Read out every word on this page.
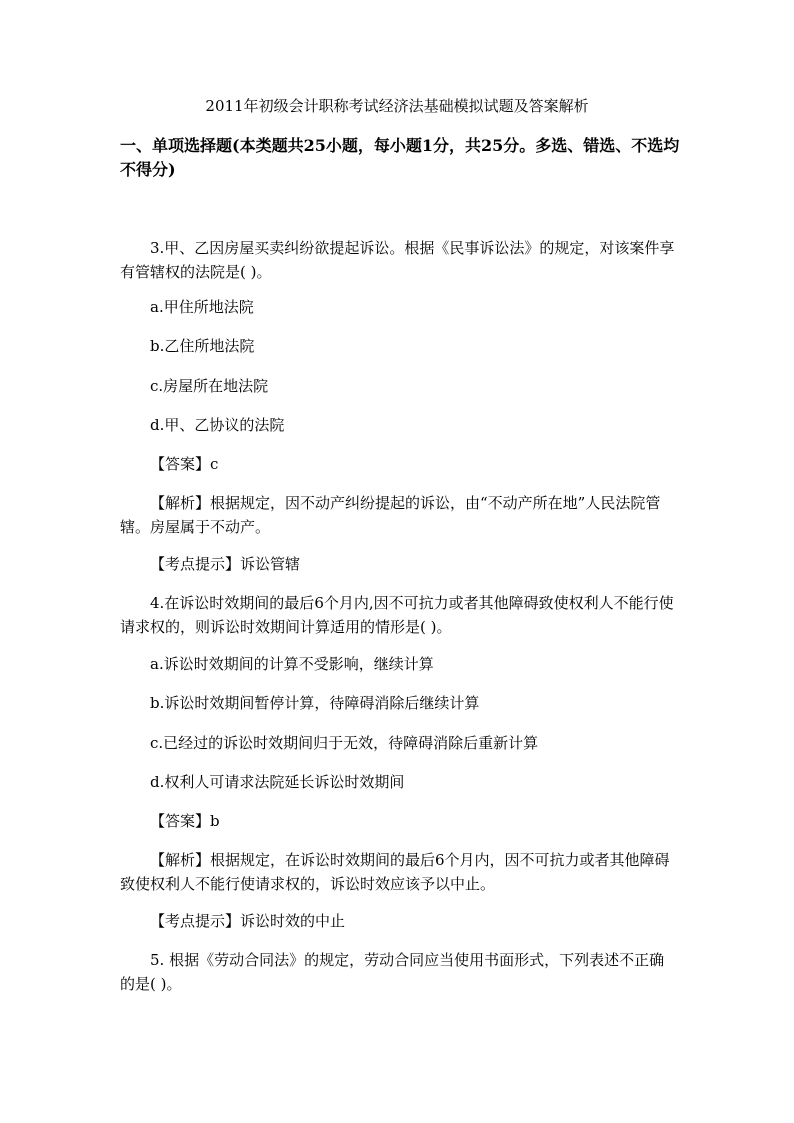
2011年初级会计职称考试经济法基础模拟试题及答案解析
一、单项选择题(本类题共25小题，每小题1分，共25分。多选、错选、不选均不得分)
3.甲、乙因房屋买卖纠纷欲提起诉讼。根据《民事诉讼法》的规定，对该案件享有管辖权的法院是( )。
a.甲住所地法院
b.乙住所地法院
c.房屋所在地法院
d.甲、乙协议的法院
【答案】c
【解析】根据规定，因不动产纠纷提起的诉讼，由“不动产所在地”人民法院管辖。房屋属于不动产。
【考点提示】诉讼管辖
4.在诉讼时效期间的最后6个月内,因不可抗力或者其他障碍致使权利人不能行使请求权的，则诉讼时效期间计算适用的情形是( )。
a.诉讼时效期间的计算不受影响，继续计算
b.诉讼时效期间暂停计算，待障碍消除后继续计算
c.已经过的诉讼时效期间归于无效，待障碍消除后重新计算
d.权利人可请求法院延长诉讼时效期间
【答案】b
【解析】根据规定，在诉讼时效期间的最后6个月内，因不可抗力或者其他障碍致使权利人不能行使请求权的，诉讼时效应该予以中止。
【考点提示】诉讼时效的中止
5. 根据《劳动合同法》的规定，劳动合同应当使用书面形式，下列表述不正确的是( )。
